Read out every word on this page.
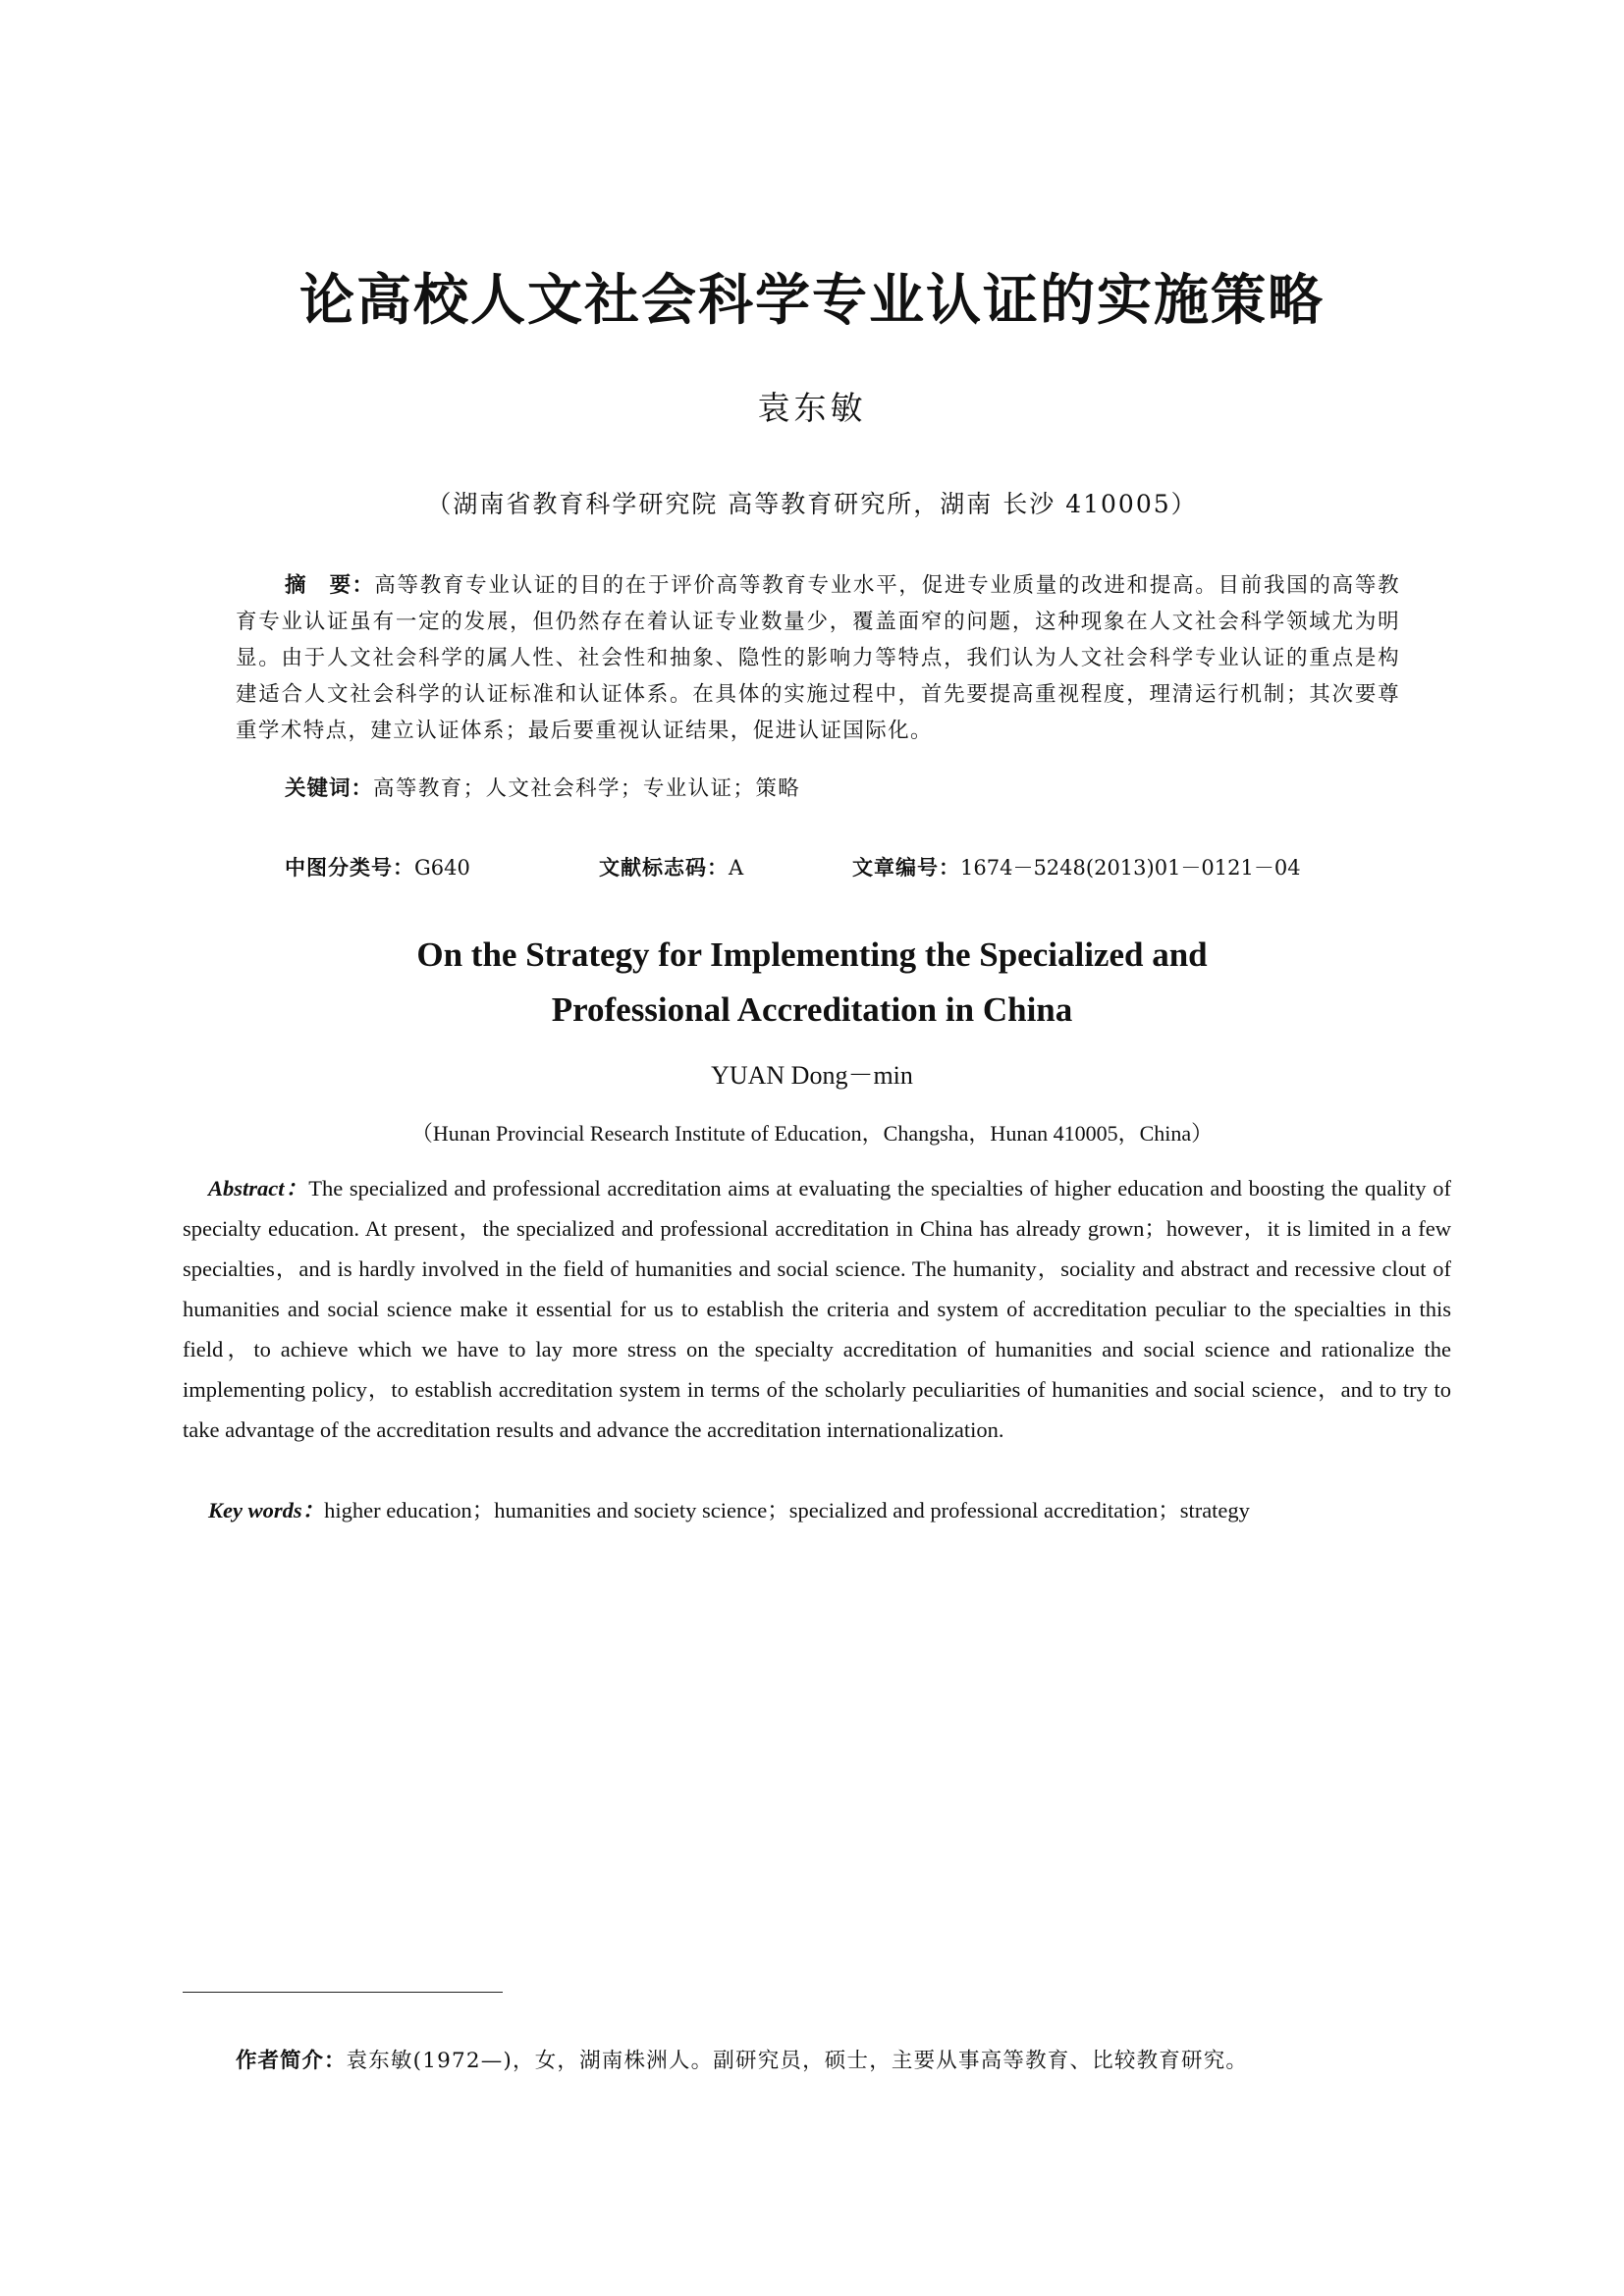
论高校人文社会科学专业认证的实施策略
袁东敏
（湖南省教育科学研究院 高等教育研究所，湖南 长沙 410005）
摘　要：高等教育专业认证的目的在于评价高等教育专业水平，促进专业质量的改进和提高。目前我国的高等教育专业认证虽有一定的发展，但仍然存在着认证专业数量少，覆盖面窄的问题，这种现象在人文社会科学领域尤为明显。由于人文社会科学的属人性、社会性和抽象、隐性的影响力等特点，我们认为人文社会科学专业认证的重点是构建适合人文社会科学的认证标准和认证体系。在具体的实施过程中，首先要提高重视程度，理清运行机制；其次要尊重学术特点，建立认证体系；最后要重视认证结果，促进认证国际化。
关键词：高等教育；人文社会科学；专业认证；策略
中图分类号：G640	文献标志码：A	文章编号：1674－5248(2013)01－0121－04
On the Strategy for Implementing the Specialized and
Professional Accreditation in China
YUAN Dong－min
（Hunan Provincial Research Institute of Education，Changsha，Hunan 410005，China）
Abstract：The specialized and professional accreditation aims at evaluating the specialties of higher education and boosting the quality of specialty education. At present，the specialized and professional accreditation in China has already grown；however，it is limited in a few specialties，and is hardly involved in the field of humanities and social science. The humanity，sociality and abstract and recessive clout of humanities and social science make it essential for us to establish the criteria and system of accreditation peculiar to the specialties in this field，to achieve which we have to lay more stress on the specialty accreditation of humanities and social science and rationalize the implementing policy，to establish accreditation system in terms of the scholarly peculiarities of humanities and social science，and to try to take advantage of the accreditation results and advance the accreditation internationalization.
Key words：higher education；humanities and society science；specialized and professional accreditation；strategy
作者简介：袁东敏(1972—)，女，湖南株洲人。副研究员，硕士，主要从事高等教育、比较教育研究。
